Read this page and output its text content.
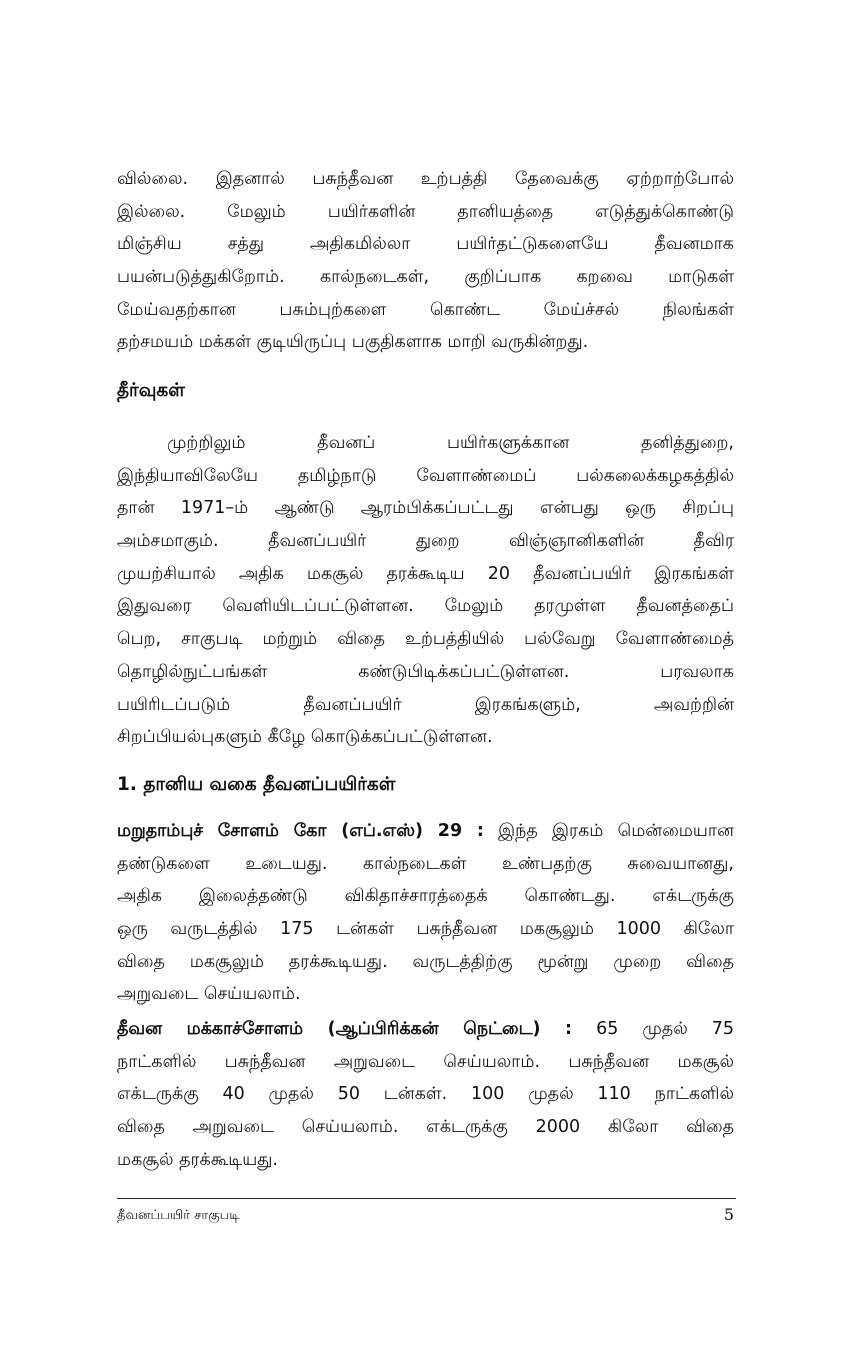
வில்லை. இதனால் பசுந்தீவன உற்பத்தி தேவைக்கு ஏற்றாற்போல்
இல்லை. மேலும் பயிர்களின் தானியத்தை எடுத்துக்கொண்டு
மிஞ்சிய சத்து அதிகமில்லா பயிர்தட்டுகளையே தீவனமாக
பயன்படுத்துகிறோம். கால்நடைகள், குறிப்பாக கறவை மாடுகள்
மேய்வதற்கான பசும்புற்களை கொண்ட மேய்ச்சல் நிலங்கள்
தற்சமயம் மக்கள் குடியிருப்பு பகுதிகளாக மாறி வருகின்றது.
தீர்வுகள்
முற்றிலும் தீவனப் பயிர்களுக்கான தனித்துறை,
இந்தியாவிலேயே தமிழ்நாடு வேளாண்மைப் பல்கலைக்கழகத்தில்
தான் 1971–ம் ஆண்டு ஆரம்பிக்கப்பட்டது என்பது ஒரு சிறப்பு
அம்சமாகும். தீவனப்பயிர் துறை விஞ்ஞானிகளின் தீவிர
முயற்சியால் அதிக மகசூல் தரக்கூடிய 20 தீவனப்பயிர் இரகங்கள்
இதுவரை வெளியிடப்பட்டுள்ளன. மேலும் தரமுள்ள தீவனத்தைப்
பெற, சாகுபடி மற்றும் விதை உற்பத்தியில் பல்வேறு வேளாண்மைத்
தொழில்நுட்பங்கள் கண்டுபிடிக்கப்பட்டுள்ளன. பரவலாக
பயிரிடப்படும் தீவனப்பயிர் இரகங்களும், அவற்றின்
சிறப்பியல்புகளும் கீழே கொடுக்கப்பட்டுள்ளன.
1. தானிய வகை தீவனப்பயிர்கள்
மறுதாம்புச் சோளம் கோ (எப்.எஸ்) 29 : இந்த இரகம் மென்மையான
தண்டுகளை உடையது. கால்நடைகள் உண்பதற்கு சுவையானது,
அதிக இலைத்தண்டு விகிதாச்சாரத்தைக் கொண்டது. எக்டருக்கு
ஒரு வருடத்தில் 175 டன்கள் பசுந்தீவன மகசூலும் 1000 கிலோ
விதை மகசூலும் தரக்கூடியது. வருடத்திற்கு மூன்று முறை விதை
அறுவடை செய்யலாம்.
தீவன மக்காச்சோளம் (ஆப்பிரிக்கன் நெட்டை) : 65 முதல் 75
நாட்களில் பசுந்தீவன அறுவடை செய்யலாம். பசுந்தீவன மகசூல்
எக்டருக்கு 40 முதல் 50 டன்கள். 100 முதல் 110 நாட்களில்
விதை அறுவடை செய்யலாம். எக்டருக்கு 2000 கிலோ விதை
மகசூல் தரக்கூடியது.
தீவனப்பயிர் சாகுபடி	5
